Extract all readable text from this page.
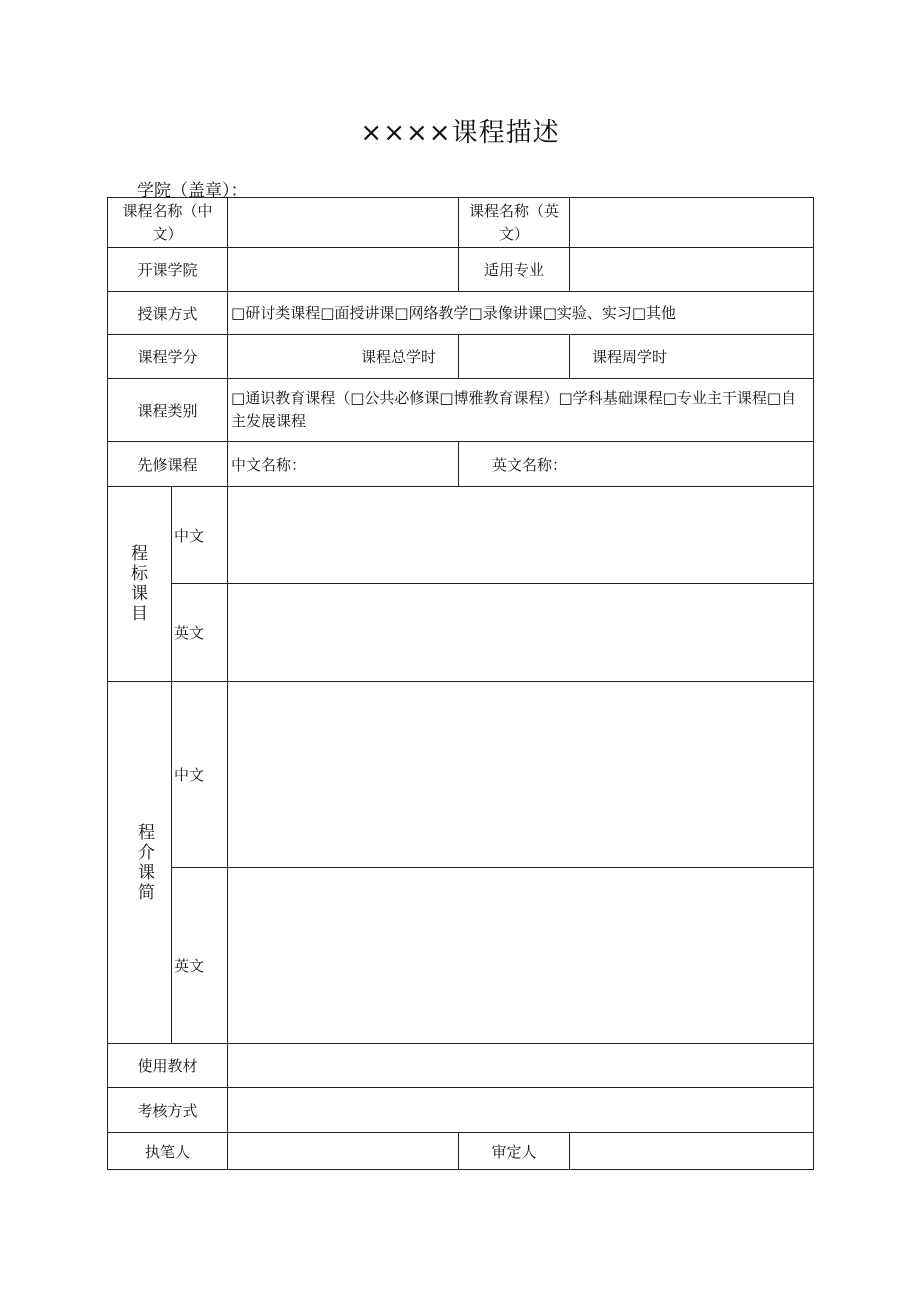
××××课程描述
学院（盖章）：
课程名称（中文）			课程名称（英文）	
开课学院			适用专业	
授课方式		□研讨类课程□面授讲课□网络教学□录像讲课□实验、实习□其他		
课程学分		课程总学时		课程周学时
课程类别		□通识教育课程（□公共必修课□博雅教育课程）□学科基础课程□专业主干课程□自主发展课程		
先修课程		中文名称：	英文名称：	
程标课目	中文			
	英文			
程介课简	中文			
	英文			
使用教材				
考核方式				
执笔人			审定人	
